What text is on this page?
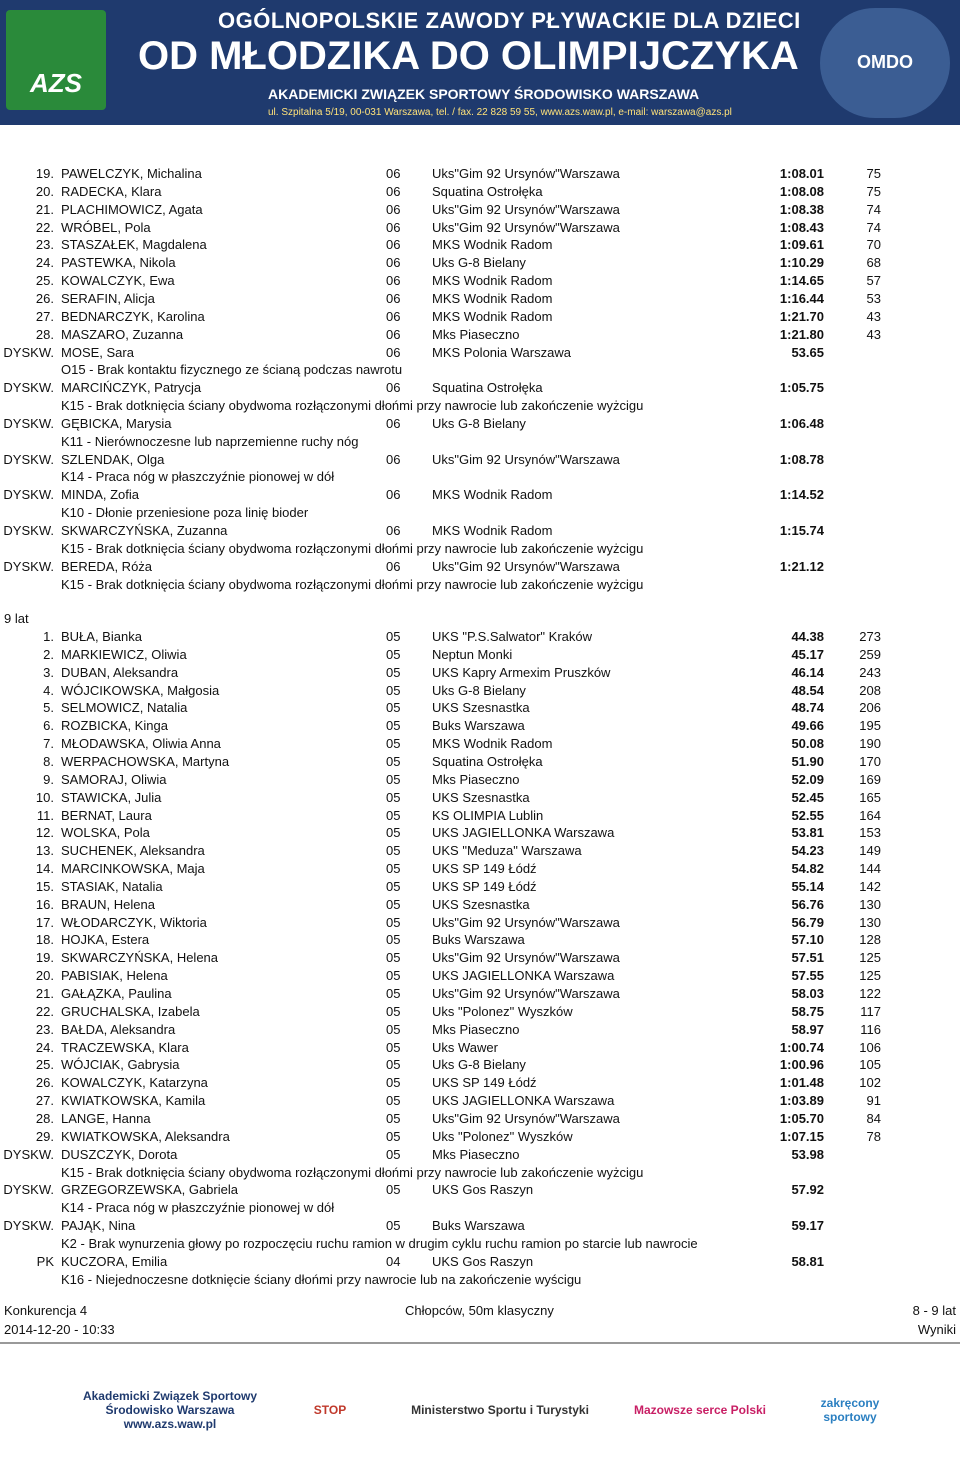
AZS
OGÓLNOPOLSKIE ZAWODY PŁYWACKIE DLA DZIECI
OD MŁODZIKA DO OLIMPIJCZYKA
AKADEMICKI ZWIĄZEK SPORTOWY ŚRODOWISKO WARSZAWA
ul. Szpitalna 5/19, 00-031 Warszawa, tel. / fax. 22 828 59 55, www.azs.waw.pl, e-mail: warszawa@azs.pl
OMDO
19. PAWELCZYK, Michalina	06 Uks"Gim 92 Ursynów"Warszawa	1:08.01	75
20. RADECKA, Klara	06 Squatina Ostrołęka	1:08.08	75
21. PLACHIMOWICZ, Agata	06 Uks"Gim 92 Ursynów"Warszawa	1:08.38	74
22. WRÓBEL, Pola	06 Uks"Gim 92 Ursynów"Warszawa	1:08.43	74
23. STASZAŁEK, Magdalena	06 MKS Wodnik Radom	1:09.61	70
24. PASTEWKA, Nikola	06 Uks G-8 Bielany	1:10.29	68
25. KOWALCZYK, Ewa	06 MKS Wodnik Radom	1:14.65	57
26. SERAFIN, Alicja	06 MKS Wodnik Radom	1:16.44	53
27. BEDNARCZYK, Karolina	06 MKS Wodnik Radom	1:21.70	43
28. MASZARO, Zuzanna	06 Mks Piaseczno	1:21.80	43
DYSKW. MOSE, Sara	06 MKS Polonia Warszawa	53.65
O15 - Brak kontaktu fizycznego ze ścianą podczas nawrotu
DYSKW. MARCIŃCZYK, Patrycja	06 Squatina Ostrołęka	1:05.75
K15 - Brak dotknięcia ściany obydwoma rozłączonymi dłońmi przy nawrocie lub zakończenie wyżcigu
DYSKW. GĘBICKA, Marysia	06 Uks G-8 Bielany	1:06.48
K11 - Nierównoczesne lub naprzemienne ruchy nóg
DYSKW. SZLENDAK, Olga	06 Uks"Gim 92 Ursynów"Warszawa	1:08.78
K14 - Praca nóg w płaszczyźnie pionowej w dół
DYSKW. MINDA, Zofia	06 MKS Wodnik Radom	1:14.52
K10 - Dłonie przeniesione poza linię bioder
DYSKW. SKWARCZYŃSKA, Zuzanna	06 MKS Wodnik Radom	1:15.74
K15 - Brak dotknięcia ściany obydwoma rozłączonymi dłońmi przy nawrocie lub zakończenie wyżcigu
DYSKW. BEREDA, Róża	06 Uks"Gim 92 Ursynów"Warszawa	1:21.12
K15 - Brak dotknięcia ściany obydwoma rozłączonymi dłońmi przy nawrocie lub zakończenie wyżcigu
9 lat
1. BUŁA, Bianka	05 UKS "P.S.Salwator" Kraków	44.38	273
2. MARKIEWICZ, Oliwia	05 Neptun Monki	45.17	259
3. DUBAN, Aleksandra	05 UKS Kapry Armexim Pruszków	46.14	243
4. WÓJCIKOWSKA, Małgosia	05 Uks G-8 Bielany	48.54	208
5. SELMOWICZ, Natalia	05 UKS Szesnastka	48.74	206
6. ROZBICKA, Kinga	05 Buks Warszawa	49.66	195
7. MŁODAWSKA, Oliwia Anna	05 MKS Wodnik Radom	50.08	190
8. WERPACHOWSKA, Martyna	05 Squatina Ostrołęka	51.90	170
9. SAMORAJ, Oliwia	05 Mks Piaseczno	52.09	169
10. STAWICKA, Julia	05 UKS Szesnastka	52.45	165
11. BERNAT, Laura	05 KS OLIMPIA Lublin	52.55	164
12. WOLSKA, Pola	05 UKS JAGIELLONKA Warszawa	53.81	153
13. SUCHENEK, Aleksandra	05 UKS "Meduza" Warszawa	54.23	149
14. MARCINKOWSKA, Maja	05 UKS SP 149 Łódź	54.82	144
15. STASIAK, Natalia	05 UKS SP 149 Łódź	55.14	142
16. BRAUN, Helena	05 UKS Szesnastka	56.76	130
17. WŁODARCZYK, Wiktoria	05 Uks"Gim 92 Ursynów"Warszawa	56.79	130
18. HOJKA, Estera	05 Buks Warszawa	57.10	128
19. SKWARCZYŃSKA, Helena	05 Uks"Gim 92 Ursynów"Warszawa	57.51	125
20. PABISIAK, Helena	05 UKS JAGIELLONKA Warszawa	57.55	125
21. GAŁĄZKA, Paulina	05 Uks"Gim 92 Ursynów"Warszawa	58.03	122
22. GRUCHALSKA, Izabela	05 Uks "Polonez" Wyszków	58.75	117
23. BAŁDA, Aleksandra	05 Mks Piaseczno	58.97	116
24. TRACZEWSKA, Klara	05 Uks Wawer	1:00.74	106
25. WÓJCIAK, Gabrysia	05 Uks G-8 Bielany	1:00.96	105
26. KOWALCZYK, Katarzyna	05 UKS SP 149 Łódź	1:01.48	102
27. KWIATKOWSKA, Kamila	05 UKS JAGIELLONKA Warszawa	1:03.89	91
28. LANGE, Hanna	05 Uks"Gim 92 Ursynów"Warszawa	1:05.70	84
29. KWIATKOWSKA, Aleksandra	05 Uks "Polonez" Wyszków	1:07.15	78
DYSKW. DUSZCZYK, Dorota	05 Mks Piaseczno	53.98
K15 - Brak dotknięcia ściany obydwoma rozłączonymi dłońmi przy nawrocie lub zakończenie wyżcigu
DYSKW. GRZEGORZEWSKA, Gabriela	05 UKS Gos Raszyn	57.92
K14 - Praca nóg w płaszczyźnie pionowej w dół
DYSKW. PAJĄK, Nina	05 Buks Warszawa	59.17
K2 - Brak wynurzenia głowy po rozpoczęciu ruchu ramion w drugim cyklu ruchu ramion po starcie lub nawrocie
PK KUCZORA, Emilia	04 UKS Gos Raszyn	58.81
K16 - Niejednoczesne dotknięcie ściany dłońmi przy nawrocie lub na zakończenie wyścigu
Konkurencja 4
2014-12-20 - 10:33
Chłopców, 50m klasyczny	8 - 9 lat
Wyniki
Akademicki Związek Sportowy Środowisko Warszawa www.azs.waw.pl
STOP	Ministerstwo Sportu i Turystyki	Mazowsze serce Polski	zakręcony sportowy
